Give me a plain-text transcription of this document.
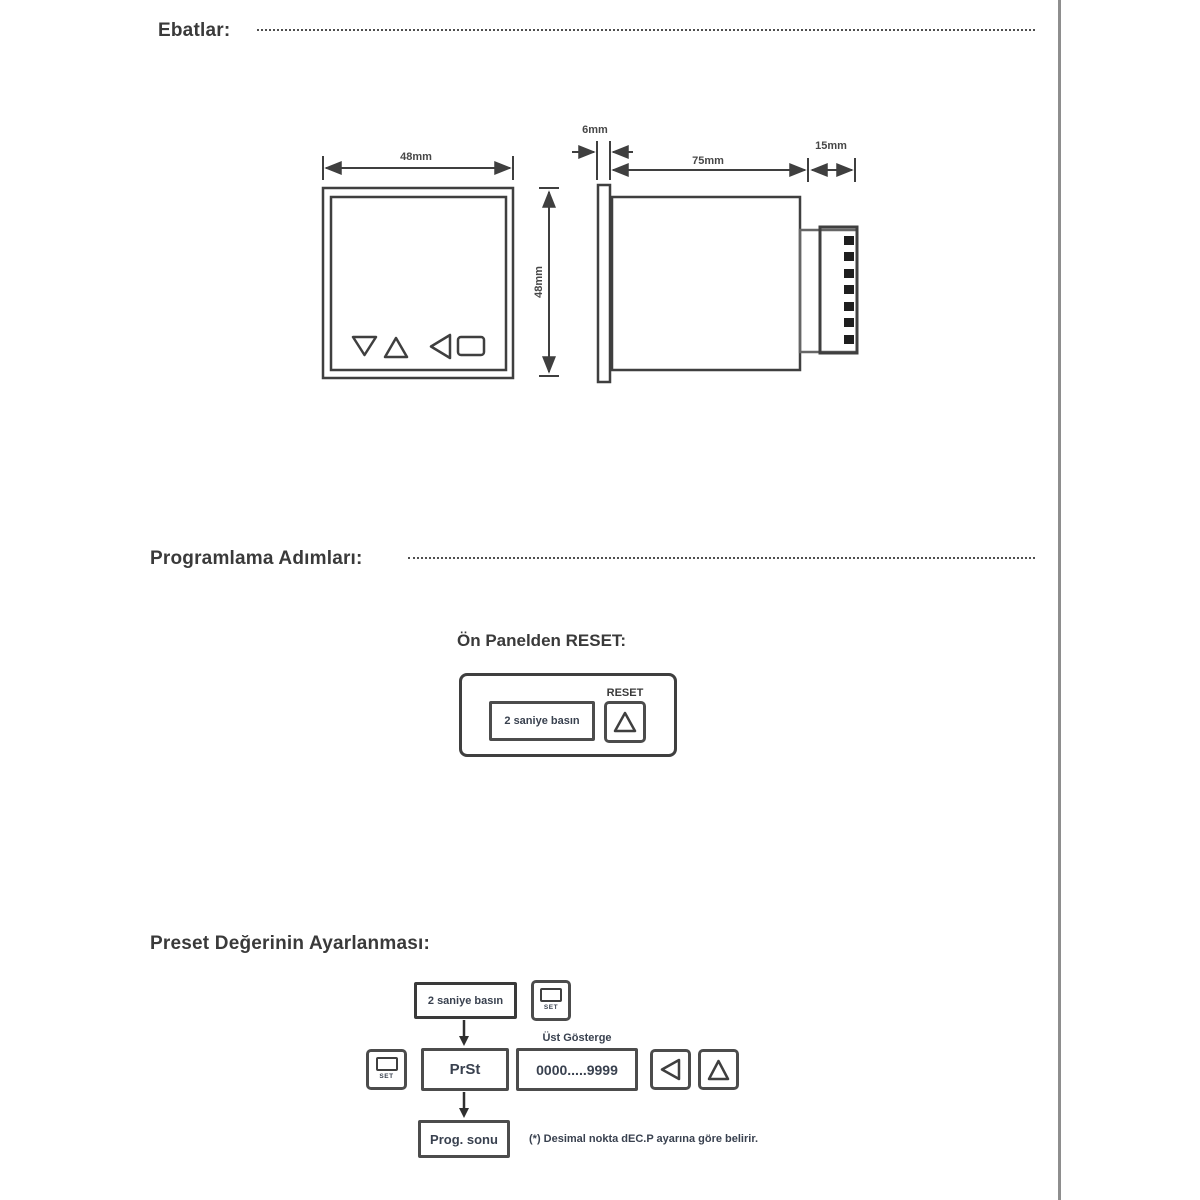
Ebatlar:
48mm
48mm
6mm
75mm
15mm
Programlama Adımları:
Ön Panelden RESET:
2 saniye basın
RESET
Preset Değerinin Ayarlanması:
2 saniye basın
SET
SET	PrSt
Üst Gösterge
0000.....9999
Prog. sonu	(*) Desimal nokta dEC.P ayarına göre belirir.
